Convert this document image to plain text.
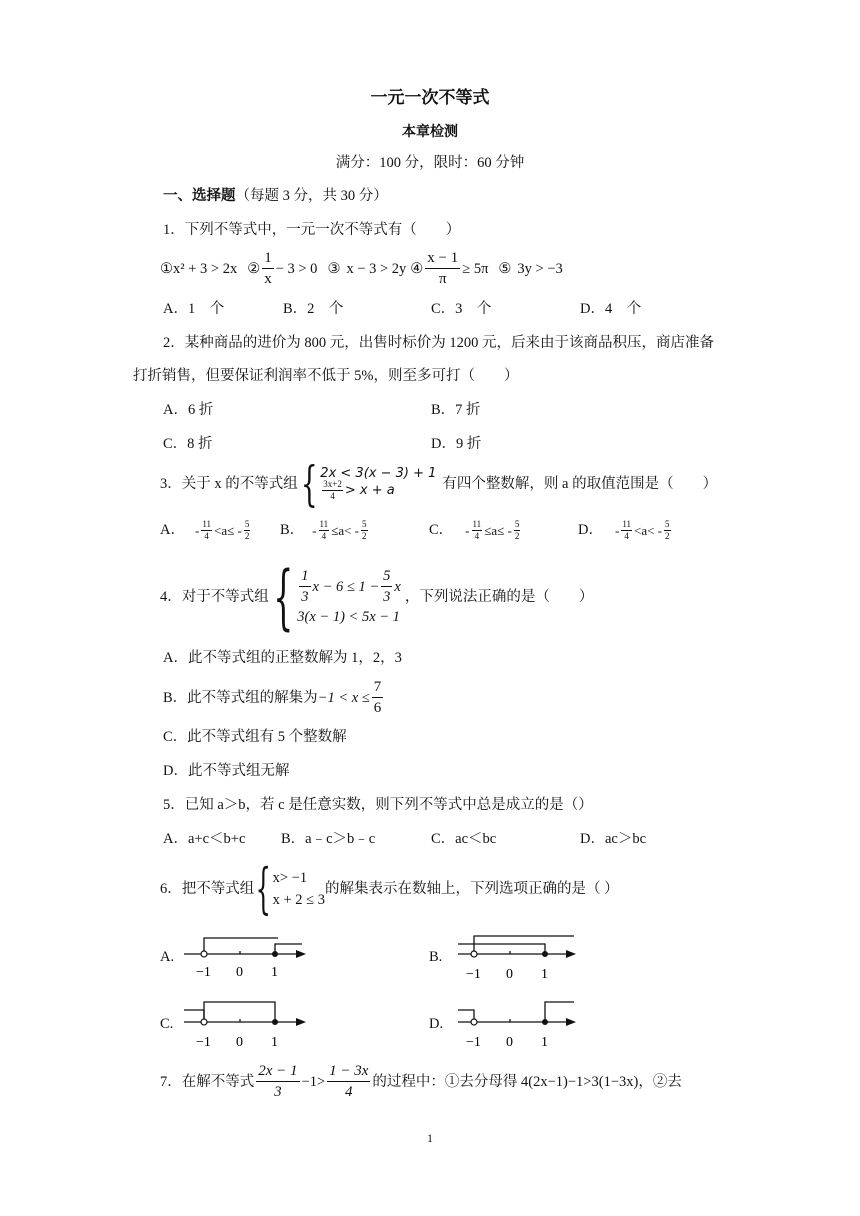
一元一次不等式
本章检测
满分：100 分，限时：60 分钟
一、选择题（每题 3 分，共 30 分）
1．下列不等式中，一元一次不等式有（　　）
① x² + 3 > 2x ② $\frac{1}{x} - 3 > 0$ ③ x − 3 > 2y ④ $\frac{x - 1}{\pi} \ge 5\pi$ ⑤ 3y > −3
A．1　个	B．2　个	C．3　个	D．4　个
2．某种商品的进价为 800 元，出售时标价为 1200 元，后来由于该商品积压，商店准备
打折销售，但要保证利润率不低于 5%，则至多可打（　　）
A．6 折	B．7 折
C．8 折	D．9 折
3．关于 x 的不等式组 { 2x < 3(x − 3) + 1
$\frac{3x+2}{4} > x + a$	有四个整数解，则 a 的取值范围是（　　）
A． - $\frac{11}{4} <a\le - \frac{5}{2}$ B． - $\frac{11}{4} \le a< - \frac{5}{2}$	C． - $\frac{11}{4} \le a\le - \frac{5}{2}$	D． - $\frac{11}{4} <a< - \frac{5}{2}$
4．对于不等式组 { $\frac{1}{3}$ $x - 6 \le 1 - \frac{5}{3}$ x
3(x − 1) < 5x − 1
，下列说法正确的是（　　）
A．此不等式组的正整数解为 1，2，3
B．此不等式组的解集为 $-1 < x \le \frac{7}{6}$
C．此不等式组有 5 个整数解
D．此不等式组无解
5．已知 a＞b，若 c 是任意实数，则下列不等式中总是成立的是（）
A．a+c＜b+c B．a﹣c＞b﹣c	C．ac＜bc	D．ac＞bc
6．把不等式组 { x> −1
x + 2 ≤ 3
的解集表示在数轴上，下列选项正确的是（ ）
A.	B.
C.	D.
−1 0 1	−1 0 1
−1 0 1	−1 0 1
7．在解不等式 $\frac{2x - 1}{3} -1> \frac{1 - 3x}{4}$ 的过程中：①去分母得 4(2x−1)−1>3(1−3x)，②去
1
